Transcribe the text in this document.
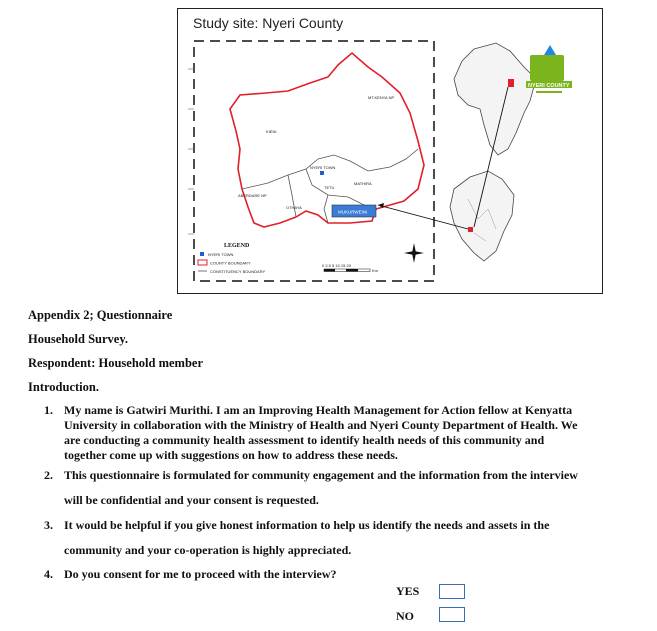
Study site: Nyeri County
MUKURWEINI
NYERI TOWN
MATHIRA
MT.KENYA NP
KIENI
ABERDARE NP
OTHAYA
TETU
LEGEND
NYERI TOWN
COUNTY BOUNDARY
CONSTITUENCY BOUNDARY
0 2.5 5 10 15 20
Km
NYERI COUNTY
Appendix 2; Questionnaire
Household Survey.
Respondent: Household member
Introduction.
1. My name is Gatwiri Murithi. I am an Improving Health Management for Action fellow at Kenyatta University in collaboration with the Ministry of Health and Nyeri County Department of Health. We are conducting a community health assessment to identify health needs of this community and together come up with suggestions on how to address these needs.
2. This questionnaire is formulated for community engagement and the information from the interview will be confidential and your consent is requested.
3. It would be helpful if you give honest information to help us identify the needs and assets in the community and your co-operation is highly appreciated.
4. Do you consent for me to proceed with the interview?
YES
NO
